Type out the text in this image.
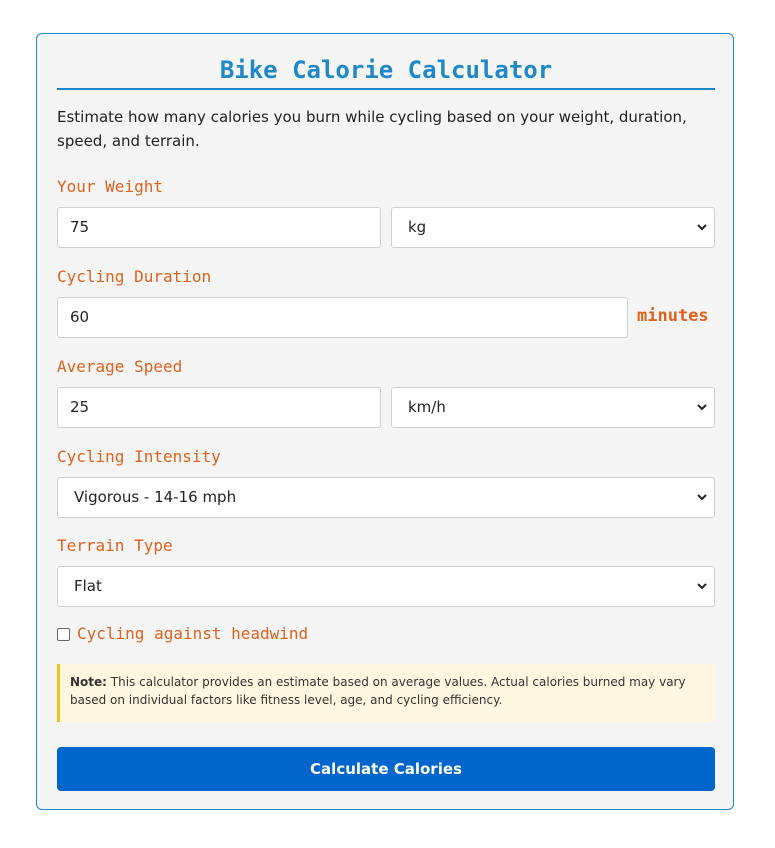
Bike Calorie Calculator
Estimate how many calories you burn while cycling based on your weight, duration, speed, and terrain.
Your Weight
75	kg
Cycling Duration
60	minutes
Average Speed
25	km/h
Cycling Intensity
Vigorous - 14-16 mph
Terrain Type
Flat
Cycling against headwind
Note: This calculator provides an estimate based on average values. Actual calories burned may vary based on individual factors like fitness level, age, and cycling efficiency.
Calculate Calories
